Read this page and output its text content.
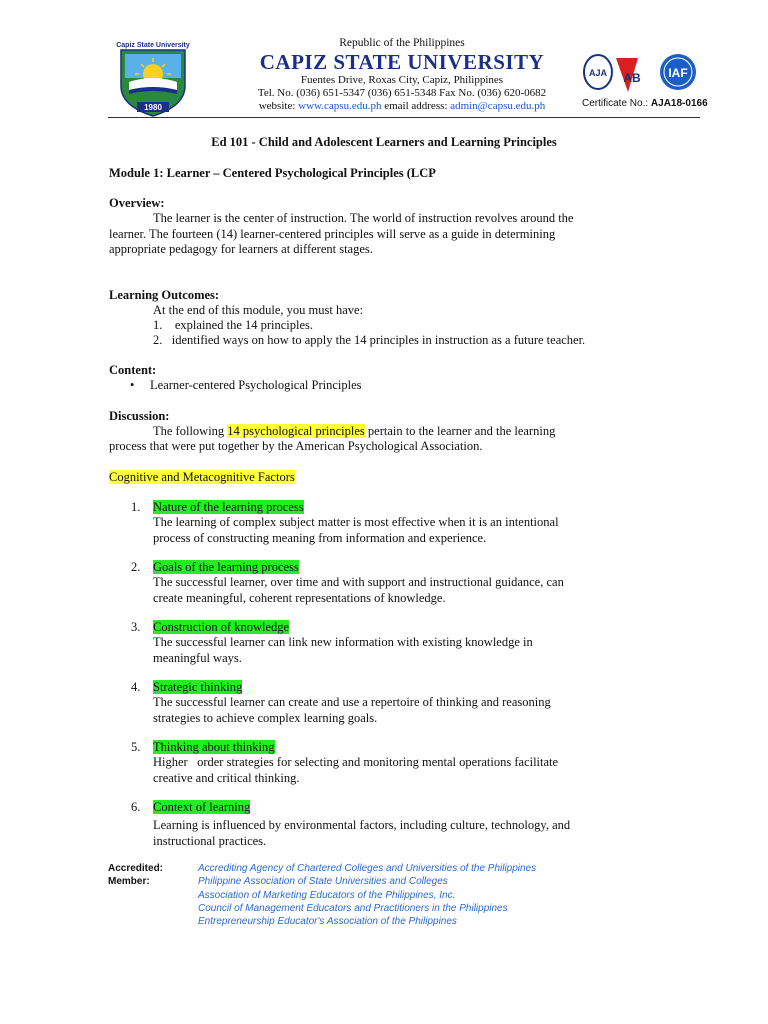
Capiz State University
1980
Republic of the Philippines
CAPIZ STATE UNIVERSITY
Fuentes Drive, Roxas City, Capiz, Philippines
Tel. No. (036) 651-5347 (036) 651-5348 Fax No. (036) 620-0682
website: www.capsu.edu.ph email address: admin@capsu.edu.ph
AJA AB IAF
Certificate No.: AJA18-0166
Ed 101 - Child and Adolescent Learners and Learning Principles
Module 1: Learner – Centered Psychological Principles (LCP
Overview:
The learner is the center of instruction. The world of instruction revolves around the
learner. The fourteen (14) learner-centered principles will serve as a guide in determining
appropriate pedagogy for learners at different stages.
Learning Outcomes:
At the end of this module, you must have:
1. explained the 14 principles.
2. identified ways on how to apply the 14 principles in instruction as a future teacher.
Content:
• Learner-centered Psychological Principles
Discussion:
The following 14 psychological principles pertain to the learner and the learning
process that were put together by the American Psychological Association.
Cognitive and Metacognitive Factors
1. Nature of the learning process
The learning of complex subject matter is most effective when it is an intentional
process of constructing meaning from information and experience.
2. Goals of the learning process
The successful learner, over time and with support and instructional guidance, can
create meaningful, coherent representations of knowledge.
3. Construction of knowledge
The successful learner can link new information with existing knowledge in
meaningful ways.
4. Strategic thinking
The successful learner can create and use a repertoire of thinking and reasoning
strategies to achieve complex learning goals.
5. Thinking about thinking
Higher   order strategies for selecting and monitoring mental operations facilitate
creative and critical thinking.
6. Context of learning
Learning is influenced by environmental factors, including culture, technology, and
instructional practices.
Accredited:	Accrediting Agency of Chartered Colleges and Universities of the Philippines
Member:	Philippine Association of State Universities and Colleges
Association of Marketing Educators of the Philippines, Inc.
Council of Management Educators and Practitioners in the Philippines
Entrepreneurship Educator's Association of the Philippines
